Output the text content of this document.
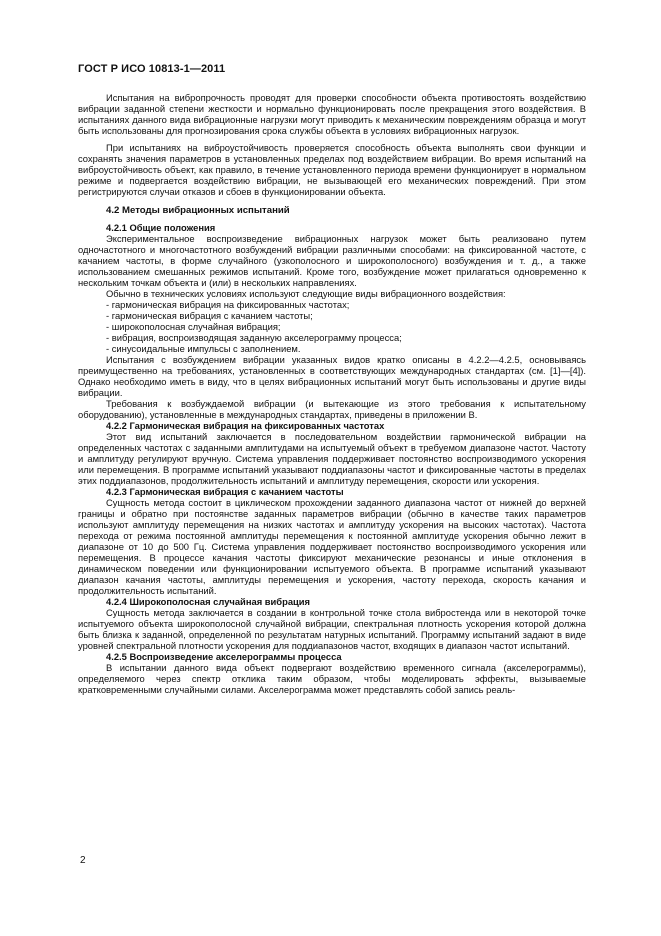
ГОСТ Р ИСО 10813-1—2011

Испытания на вибропрочность проводят для проверки способности объекта противостоять воздействию вибрации заданной степени жесткости и нормально функционировать после прекращения этого воздействия. В испытаниях данного вида вибрационные нагрузки могут приводить к механическим повреждениям образца и могут быть использованы для прогнозирования срока службы объекта в условиях вибрационных нагрузок.

При испытаниях на виброустойчивость проверяется способность объекта выполнять свои функции и сохранять значения параметров в установленных пределах под воздействием вибрации. Во время испытаний на виброустойчивость объект, как правило, в течение установленного периода времени функционирует в нормальном режиме и подвергается воздействию вибрации, не вызывающей его механических повреждений. При этом регистрируются случаи отказов и сбоев в функционировании объекта.

4.2 Методы вибрационных испытаний
4.2.1 Общие положения

Экспериментальное воспроизведение вибрационных нагрузок может быть реализовано путем одночастотного и многочастотного возбуждений вибрации различными способами: на фиксированной частоте, с качанием частоты, в форме случайного (узкополосного и широкополосного) возбуждения и т. д., а также использованием смешанных режимов испытаний. Кроме того, возбуждение может прилагаться одновременно к нескольким точкам объекта и (или) в нескольких направлениях.

Обычно в технических условиях используют следующие виды вибрационного воздействия:

- гармоническая вибрация на фиксированных частотах;
- гармоническая вибрация с качанием частоты;
- широкополосная случайная вибрация;
- вибрация, воспроизводящая заданную акселерограмму процесса;
- синусоидальные импульсы с заполнением.

Испытания с возбуждением вибрации указанных видов кратко описаны в 4.2.2—4.2.5, основываясь преимущественно на требованиях, установленных в соответствующих международных стандартах (см. [1]—[4]). Однако необходимо иметь в виду, что в целях вибрационных испытаний могут быть использованы и другие виды вибрации.

Требования к возбуждаемой вибрации (и вытекающие из этого требования к испытательному оборудованию), установленные в международных стандартах, приведены в приложении В.

4.2.2 Гармоническая вибрация на фиксированных частотах

Этот вид испытаний заключается в последовательном воздействии гармонической вибрации на определенных частотах с заданными амплитудами на испытуемый объект в требуемом диапазоне частот. Частоту и амплитуду регулируют вручную. Система управления поддерживает постоянство воспроизводимого ускорения или перемещения. В программе испытаний указывают поддиапазоны частот и фиксированные частоты в пределах этих поддиапазонов, продолжительность испытаний и амплитуду перемещения, скорости или ускорения.

4.2.3 Гармоническая вибрация с качанием частоты

Сущность метода состоит в циклическом прохождении заданного диапазона частот от нижней до верхней границы и обратно при постоянстве заданных параметров вибрации (обычно в качестве таких параметров используют амплитуду перемещения на низких частотах и амплитуду ускорения на высоких частотах). Частота перехода от режима постоянной амплитуды перемещения к постоянной амплитуде ускорения обычно лежит в диапазоне от 10 до 500 Гц. Система управления поддерживает постоянство воспроизводимого ускорения или перемещения. В процессе качания частоты фиксируют механические резонансы и иные отклонения в динамическом поведении или функционировании испытуемого объекта. В программе испытаний указывают диапазон качания частоты, амплитуды перемещения и ускорения, частоту перехода, скорость качания и продолжительность испытаний.

4.2.4 Широкополосная случайная вибрация

Сущность метода заключается в создании в контрольной точке стола вибростенда или в некоторой точке испытуемого объекта широкополосной случайной вибрации, спектральная плотность ускорения которой должна быть близка к заданной, определенной по результатам натурных испытаний. Программу испытаний задают в виде уровней спектральной плотности ускорения для поддиапазонов частот, входящих в диапазон частот испытаний.

4.2.5 Воспроизведение акселерограммы процесса

В испытании данного вида объект подвергают воздействию временного сигнала (акселерограммы), определяемого через спектр отклика таким образом, чтобы моделировать эффекты, вызываемые кратковременными случайными силами. Акселерограмма может представлять собой запись реаль-

2
